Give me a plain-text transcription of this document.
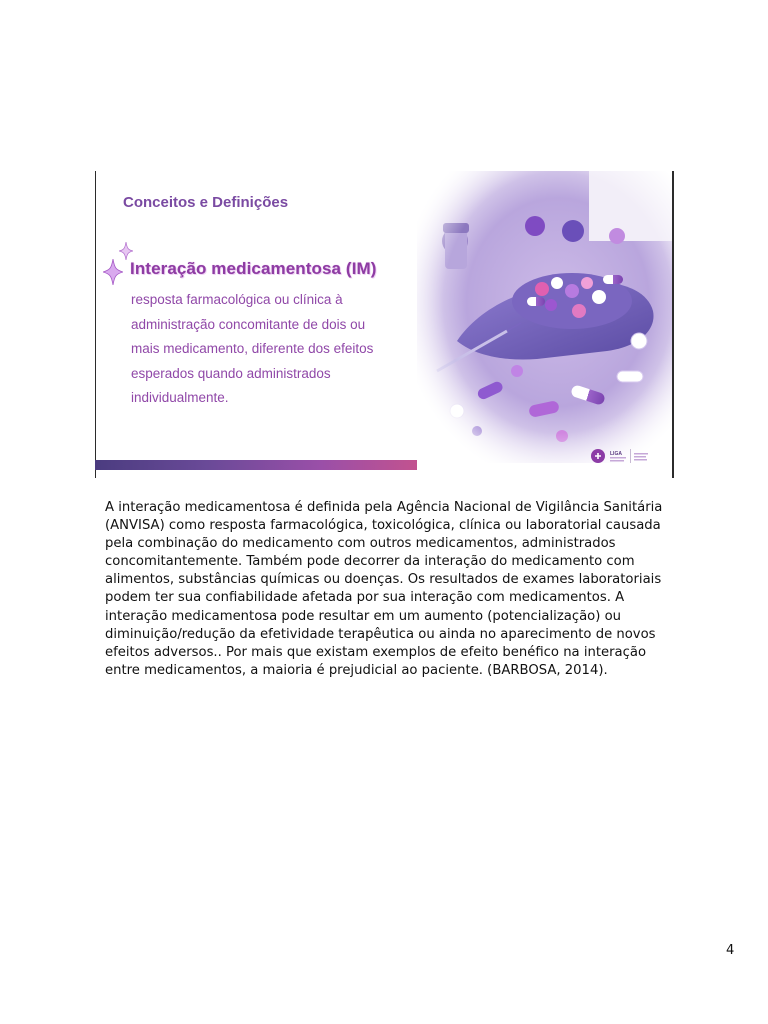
Conceitos e Definições
Interação medicamentosa (IM)
resposta farmacológica ou clínica à
administração concomitante de dois ou
mais medicamento, diferente dos efeitos
esperados quando administrados
individualmente.
LIGA
A interação medicamentosa é definida pela Agência Nacional de Vigilância Sanitária
(ANVISA) como resposta farmacológica, toxicológica, clínica ou laboratorial causada
pela combinação do medicamento com outros medicamentos, administrados
concomitantemente. Também pode decorrer da interação do medicamento com
alimentos, substâncias químicas ou doenças. Os resultados de exames laboratoriais
podem ter sua confiabilidade afetada por sua interação com medicamentos. A
interação medicamentosa pode resultar em um aumento (potencialização) ou
diminuição/redução da efetividade terapêutica ou ainda no aparecimento de novos
efeitos adversos.. Por mais que existam exemplos de efeito benéfico na interação
entre medicamentos, a maioria é prejudicial ao paciente. (BARBOSA, 2014).
4
